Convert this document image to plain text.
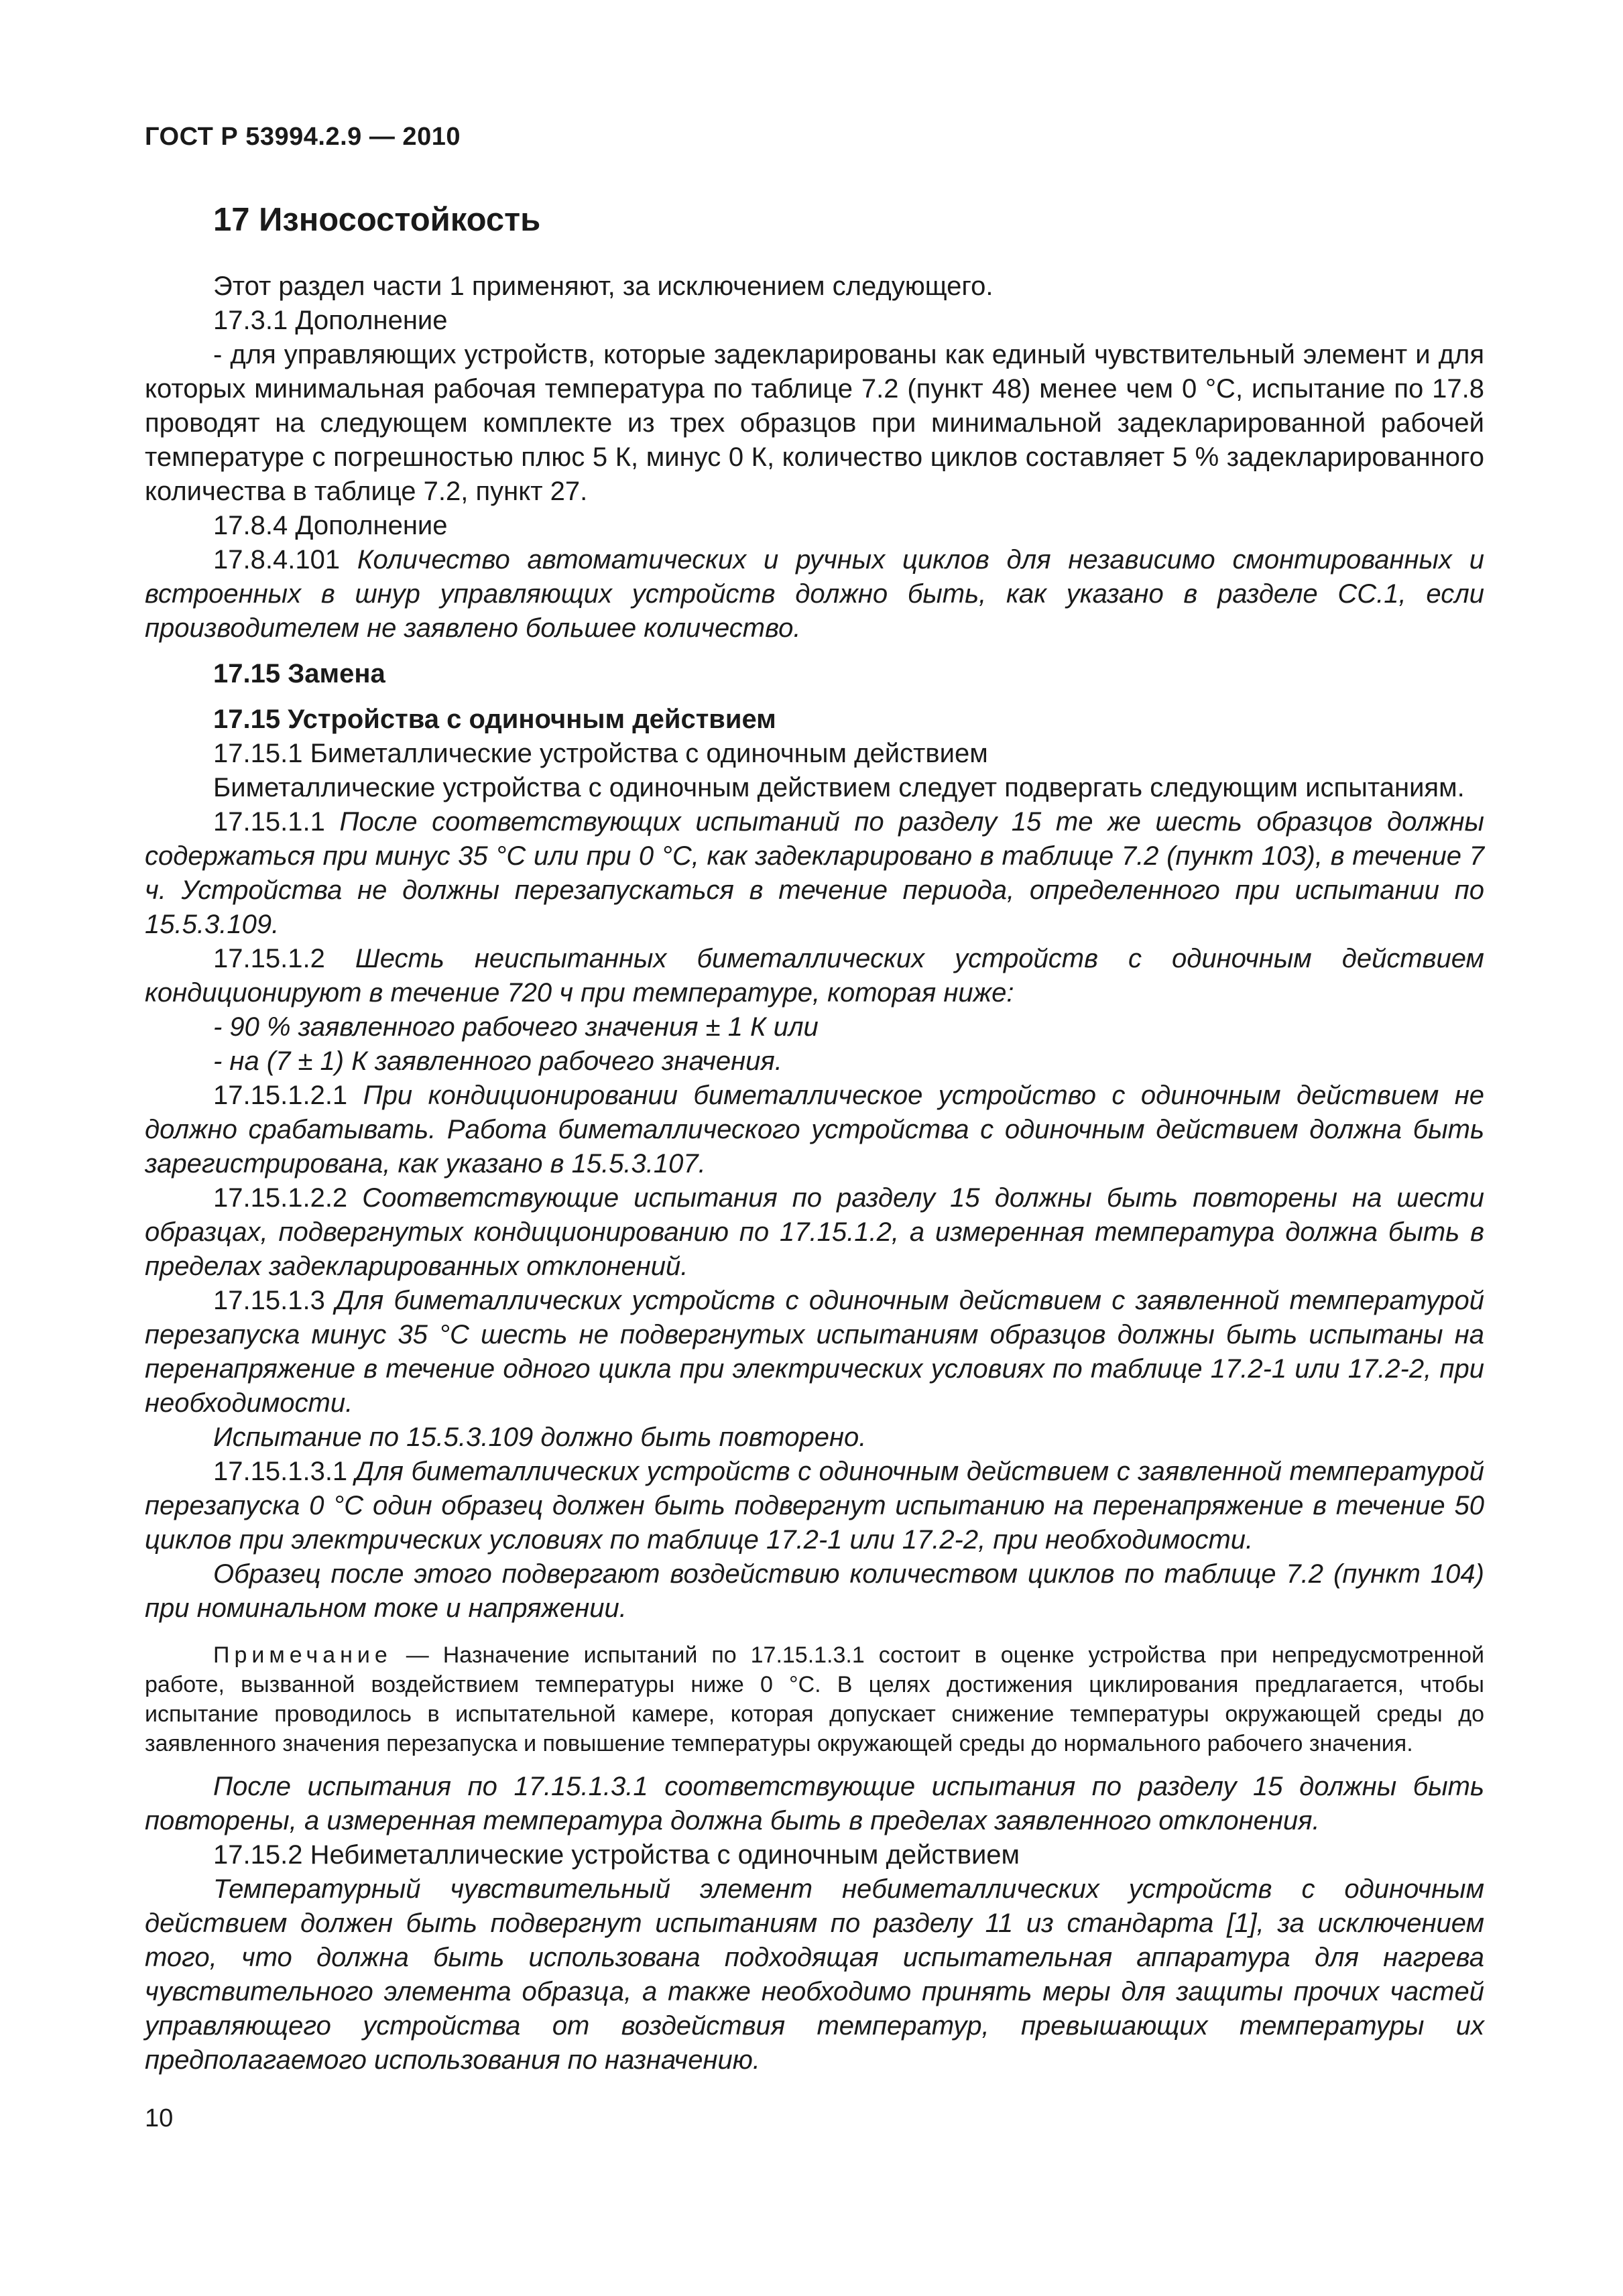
ГОСТ Р 53994.2.9 — 2010
17 Износостойкость

Этот раздел части 1 применяют, за исключением следующего.

17.3.1 Дополнение

- для управляющих устройств, которые задекларированы как единый чувствительный элемент и для которых минимальная рабочая температура по таблице 7.2 (пункт 48) менее чем 0 °С, испытание по 17.8 проводят на следующем комплекте из трех образцов при минимальной задекларированной рабочей температуре с погрешностью плюс 5 К, минус 0 К, количество циклов составляет 5 % задекларированного количества в таблице 7.2, пункт 27.

17.8.4 Дополнение

17.8.4.101 Количество автоматических и ручных циклов для независимо смонтированных и встроенных в шнур управляющих устройств должно быть, как указано в разделе СС.1, если производителем не заявлено большее количество.

17.15 Замена

17.15 Устройства с одиночным действием

17.15.1 Биметаллические устройства с одиночным действием

Биметаллические устройства с одиночным действием следует подвергать следующим испытаниям.

17.15.1.1 После соответствующих испытаний по разделу 15 те же шесть образцов должны содержаться при минус 35 °С или при 0 °С, как задекларировано в таблице 7.2 (пункт 103), в течение 7 ч. Устройства не должны перезапускаться в течение периода, определенного при испытании по 15.5.3.109.

17.15.1.2 Шесть неиспытанных биметаллических устройств с одиночным действием кондиционируют в течение 720 ч при температуре, которая ниже:

- 90 % заявленного рабочего значения ± 1 К или

- на (7 ± 1) К заявленного рабочего значения.

17.15.1.2.1 При кондиционировании биметаллическое устройство с одиночным действием не должно срабатывать. Работа биметаллического устройства с одиночным действием должна быть зарегистрирована, как указано в 15.5.3.107.

17.15.1.2.2 Соответствующие испытания по разделу 15 должны быть повторены на шести образцах, подвергнутых кондиционированию по 17.15.1.2, а измеренная температура должна быть в пределах задекларированных отклонений.

17.15.1.3 Для биметаллических устройств с одиночным действием с заявленной температурой перезапуска минус 35 °С шесть не подвергнутых испытаниям образцов должны быть испытаны на перенапряжение в течение одного цикла при электрических условиях по таблице 17.2-1 или 17.2-2, при необходимости.

Испытание по 15.5.3.109 должно быть повторено.

17.15.1.3.1 Для биметаллических устройств с одиночным действием с заявленной температурой перезапуска 0 °С один образец должен быть подвергнут испытанию на перенапряжение в течение 50 циклов при электрических условиях по таблице 17.2-1 или 17.2-2, при необходимости.

Образец после этого подвергают воздействию количеством циклов по таблице 7.2 (пункт 104) при номинальном токе и напряжении.

Примечание — Назначение испытаний по 17.15.1.3.1 состоит в оценке устройства при непредусмотренной работе, вызванной воздействием температуры ниже 0 °С. В целях достижения циклирования предлагается, чтобы испытание проводилось в испытательной камере, которая допускает снижение температуры окружающей среды до заявленного значения перезапуска и повышение температуры окружающей среды до нормального рабочего значения.

После испытания по 17.15.1.3.1 соответствующие испытания по разделу 15 должны быть повторены, а измеренная температура должна быть в пределах заявленного отклонения.

17.15.2 Небиметаллические устройства с одиночным действием

Температурный чувствительный элемент небиметаллических устройств с одиночным действием должен быть подвергнут испытаниям по разделу 11 из стандарта [1], за исключением того, что должна быть использована подходящая испытательная аппаратура для нагрева чувствительного элемента образца, а также необходимо принять меры для защиты прочих частей управляющего устройства от воздействия температур, превышающих температуры их предполагаемого использования по назначению.

10
